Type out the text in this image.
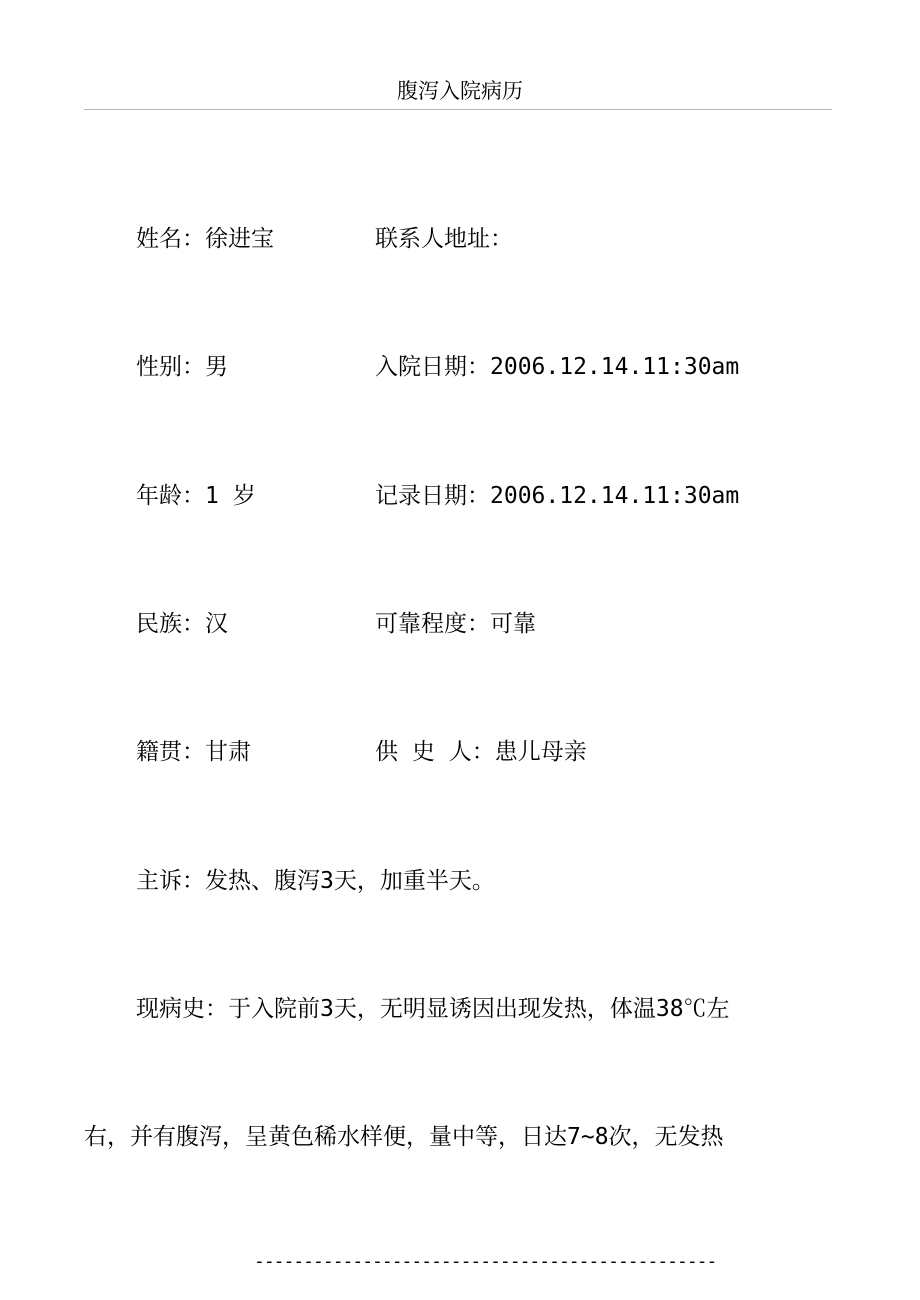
腹泻入院病历
姓名：徐进宝	联系人地址：
性别：男	入院日期：2006.12.14.11:30am
年龄：1 岁	记录日期：2006.12.14.11:30am
民族：汉	可靠程度：可靠
籍贯：甘肃	供 史 人：患儿母亲
主诉：发热、腹泻3天，加重半天。
现病史：于入院前3天，无明显诱因出现发热，体温38℃左
右，并有腹泻，呈黄色稀水样便，量中等，日达7~8次，无发热
-----------------------------------------------
